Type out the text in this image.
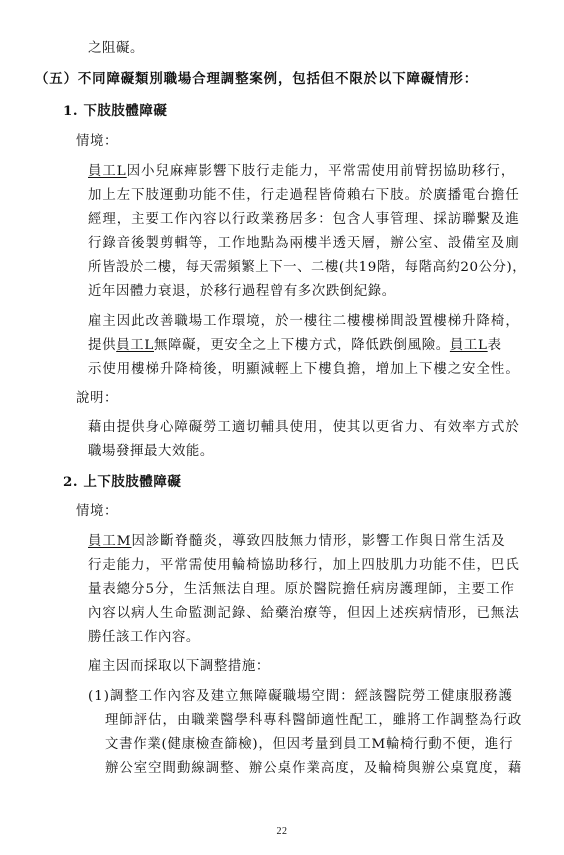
之阻礙。
（五）不同障礙類別職場合理調整案例，包括但不限於以下障礙情形：
1. 下肢肢體障礙
情境：
員工L因小兒麻痺影響下肢行走能力，平常需使用前臂拐協助移行，
加上左下肢運動功能不佳，行走過程皆倚賴右下肢。於廣播電台擔任
經理，主要工作內容以行政業務居多：包含人事管理、採訪聯繫及進
行錄音後製剪輯等，工作地點為兩樓半透天層，辦公室、設備室及廁
所皆設於二樓，每天需頻繁上下一、二樓(共19階，每階高約20公分)，
近年因體力衰退，於移行過程曾有多次跌倒紀錄。
雇主因此改善職場工作環境，於一樓往二樓樓梯間設置樓梯升降椅，
提供員工L無障礙，更安全之上下樓方式，降低跌倒風險。員工L表
示使用樓梯升降椅後，明顯減輕上下樓負擔，增加上下樓之安全性。
說明：
藉由提供身心障礙勞工適切輔具使用，使其以更省力、有效率方式於
職場發揮最大效能。
2. 上下肢肢體障礙
情境：
員工M因診斷脊髓炎，導致四肢無力情形，影響工作與日常生活及
行走能力，平常需使用輪椅協助移行，加上四肢肌力功能不佳，巴氏
量表總分5分，生活無法自理。原於醫院擔任病房護理師，主要工作
內容以病人生命監測記錄、給藥治療等，但因上述疾病情形，已無法
勝任該工作內容。
雇主因而採取以下調整措施：
(1)調整工作內容及建立無障礙職場空間：經該醫院勞工健康服務護
理師評估，由職業醫學科專科醫師適性配工，雖將工作調整為行政
文書作業(健康檢查篩檢)，但因考量到員工M輪椅行動不便，進行
辦公室空間動線調整、辦公桌作業高度，及輪椅與辦公桌寬度，藉
22
